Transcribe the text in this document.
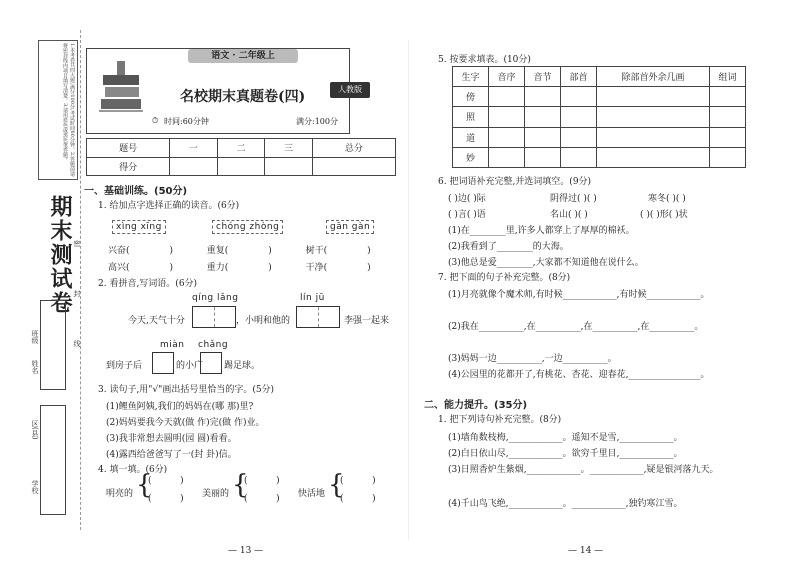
1.本考卷共四大题,满分100分,考试时间60分钟。2.答题前请将密封线内项目填写清楚。3.请用蓝色或黑色笔答题。
期末测试卷
班级
姓名
区(县)
学校
密
封
线
语文 · 二年级上
名校期末真题卷(四)	人教版
⏱ 时间:60分钟	满分:100分
题号	一	二	三	总分
得分				
一、基础训练。(50分)
1. 给加点字选择正确的读音。(6分)
xìng xīng	chóng zhòng	gān gàn
兴奋(	)	重复(	)	树干(	)
高兴(	)	重力(	)	干净(	)
2. 看拼音,写词语。(6分)
qíng lǎng	lín jū
今天,天气十分	，小明和他的	李强一起来
miàn chǎng
到房子后	的小广 踢足球。
3. 读句子,用"√"画出括号里恰当的字。(5分)
(1)鲤鱼阿姨,我们的妈妈在(哪 那)里?
(2)妈妈要我今天就(做 作)完(做 作)业。
(3)我非常想去圆明(园 圆)看看。
(4)露西给爸爸写了一(封 卦)信。
4. 填一填。(6分)
明亮的 {
(          )
(          ) 美丽的 {
(          )
(          ) 快活地 {
(          )
(          )
— 13 —
5. 按要求填表。(10分)
生字	音序	音节	部首	除部首外余几画	组词
傍					
照					
道					
妙					
6. 把词语补充完整,并选词填空。(9分)
( )边( )际	阴得过( )( )	寒冬( )( )
( )言( )语	名山( )( )	( )( )形( )状
(1)在________里,许多人都穿上了厚厚的棉袄。
(2)我看到了________的大海。
(3)他总是爱________,大家都不知道他在说什么。
7. 把下面的句子补充完整。(8分)
(1)月亮就像个魔术师,有时候____________,有时候____________。
(2)我在__________,在__________,在__________,在__________。
(3)妈妈一边__________,一边__________。
(4)公园里的花都开了,有桃花、杏花、迎春花,________________。
二、能力提升。(35分)
1. 把下列诗句补充完整。(8分)
(1)墙角数枝梅,____________。遥知不是雪,____________。
(2)白日依山尽,____________。欲穷千里目,____________。
(3)日照香炉生紫烟,____________。____________,疑是银河落九天。
(4)千山鸟飞绝,____________。____________,独钓寒江雪。
— 14 —
